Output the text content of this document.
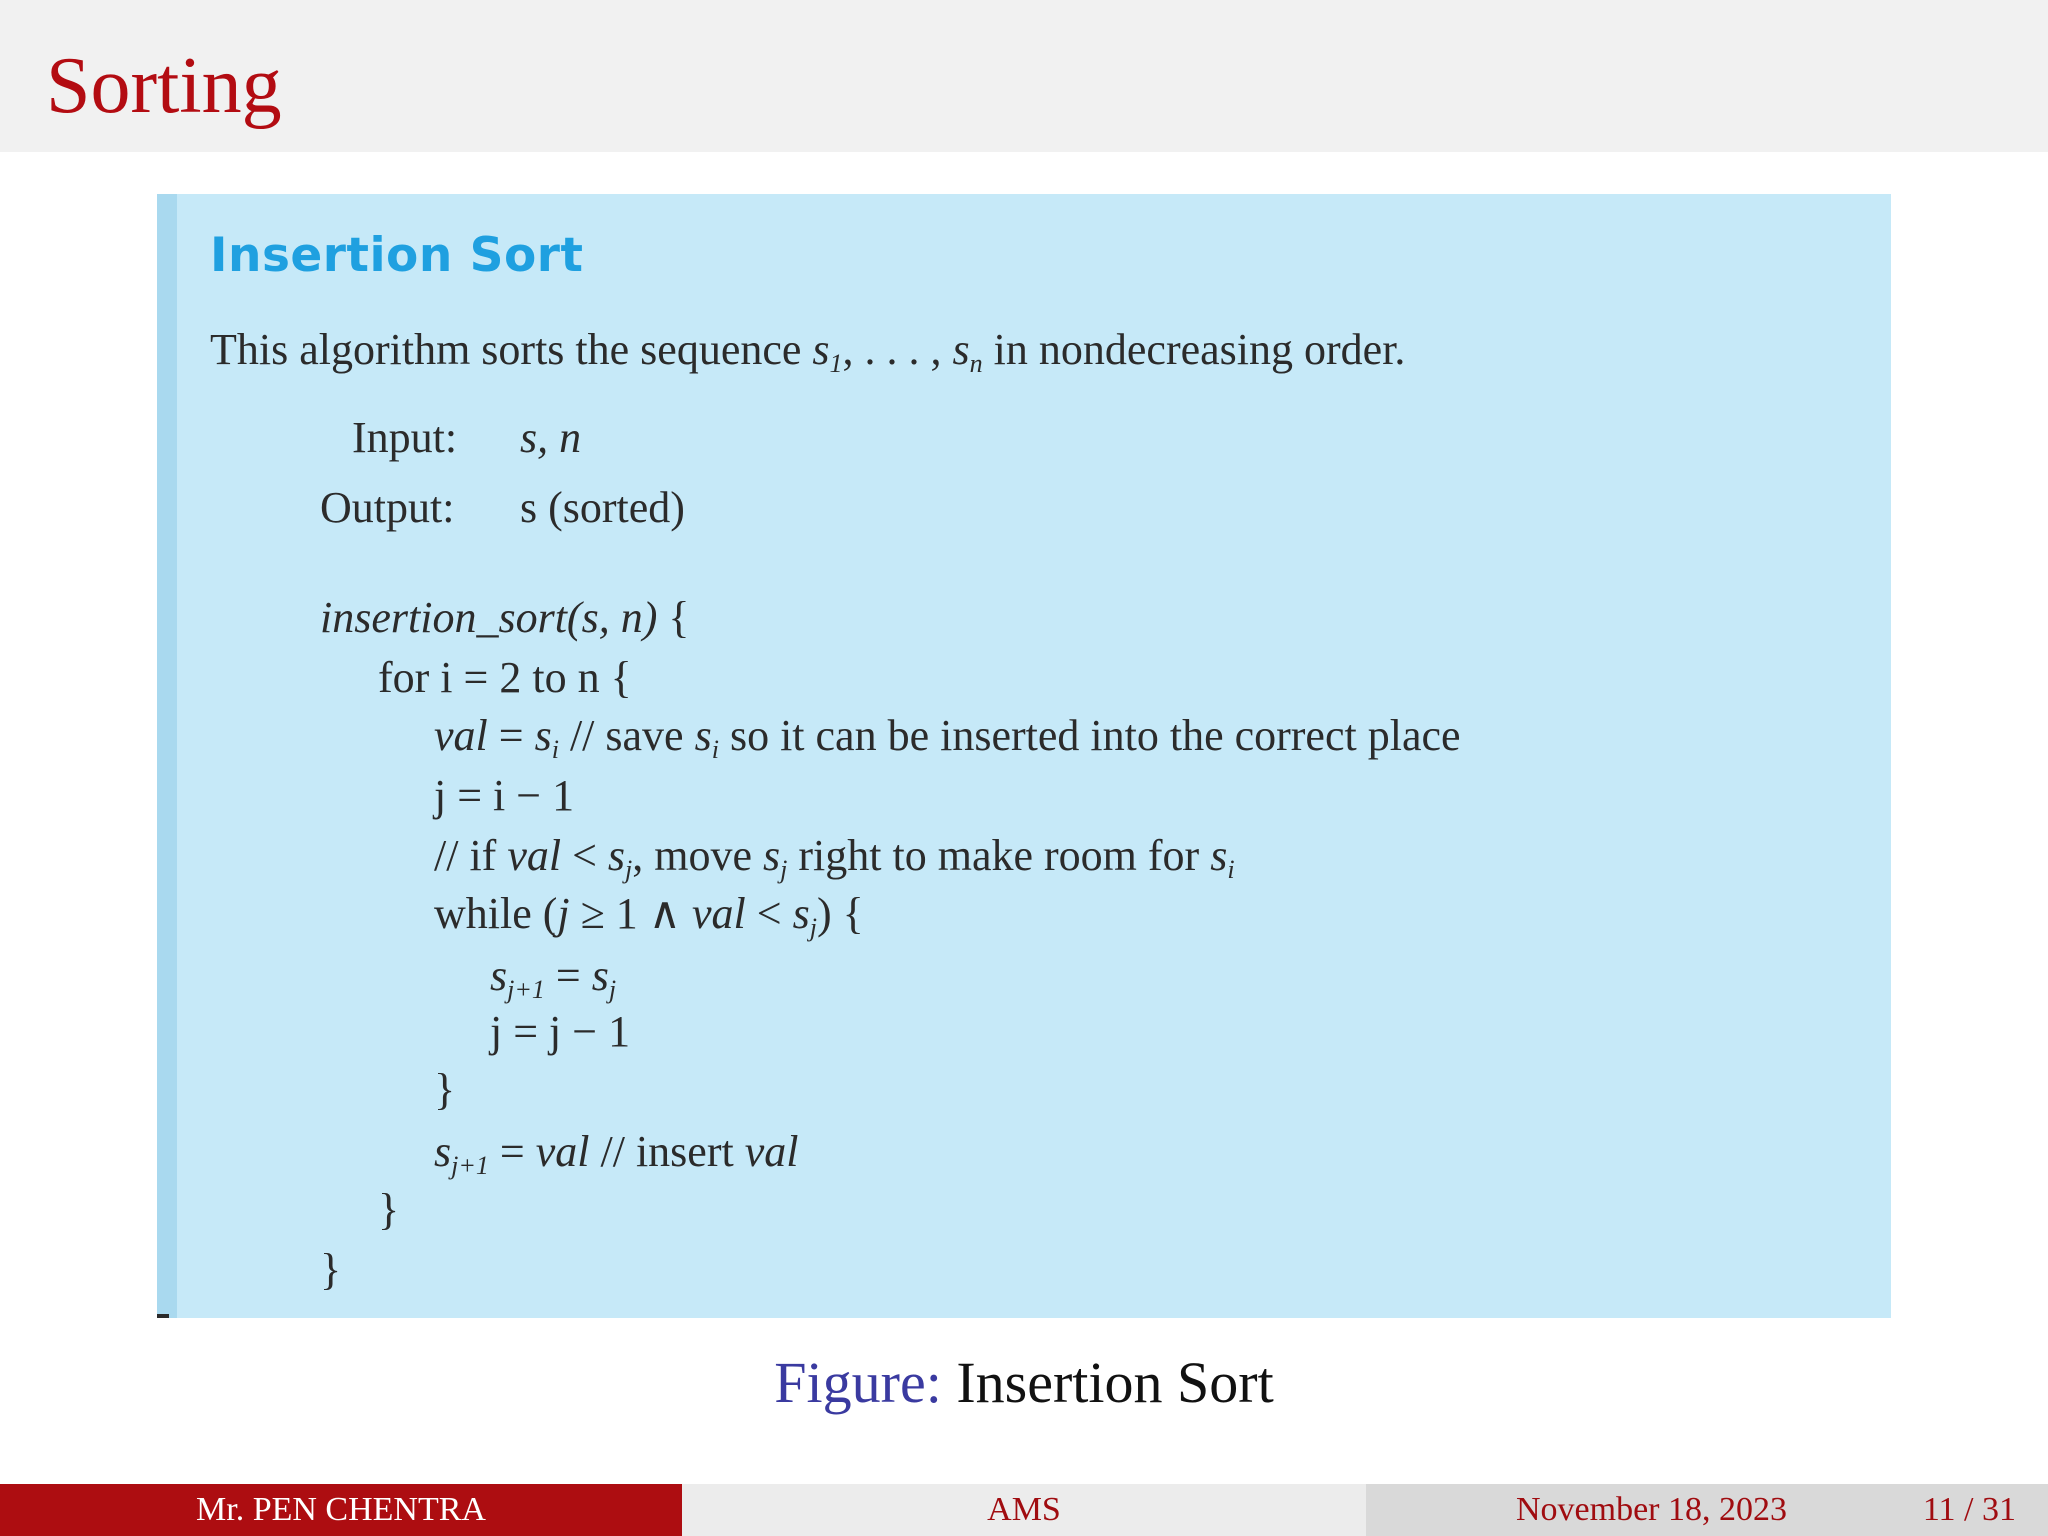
Sorting
Insertion Sort
This algorithm sorts the sequence $s_1$, . . . , $s_n$ in nondecreasing order.
Input: s, n
Output: s (sorted)
insertion_sort(s, n) {
for i = 2 to n {
val = $s_i$ // save $s_i$ so it can be inserted into the correct place
j = i − 1
// if val < $s_j$, move $s_j$ right to make room for $s_i$
while (j ≥ 1 ∧ val < $s_j$) {
$s_{j+1} = s_j$
j = j − 1
}
$s_{j+1}$ = val // insert val
}
}
Figure: Insertion Sort
Mr. PEN CHENTRA	AMS	November 18, 2023	11 / 31
